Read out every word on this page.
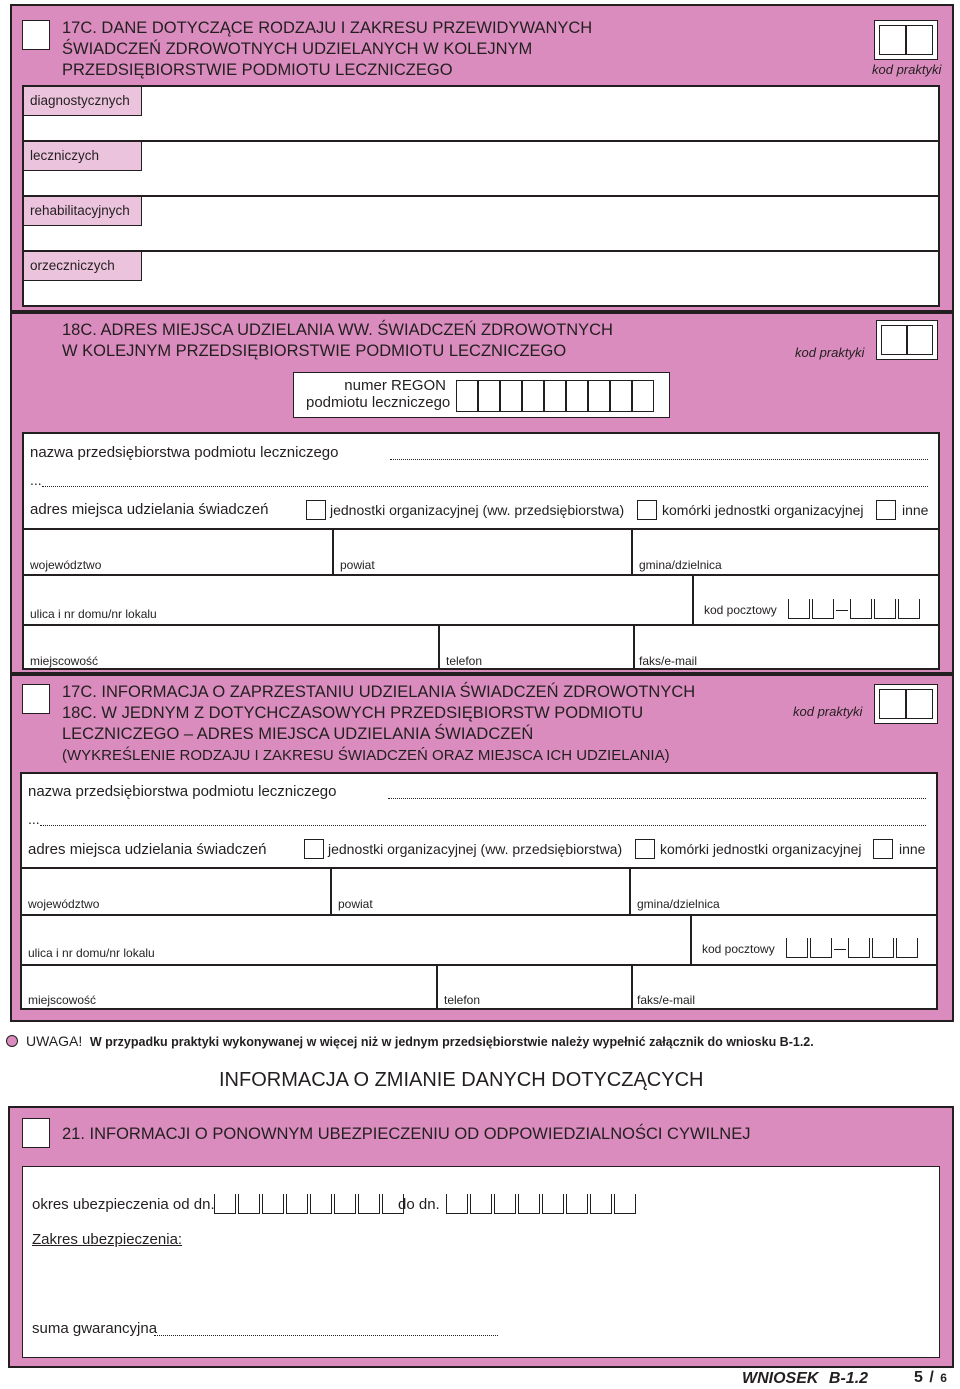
17C. DANE DOTYCZĄCE RODZAJU I ZAKRESU PRZEWIDYWANYCH
ŚWIADCZEŃ ZDROWOTNYCH UDZIELANYCH W KOLEJNYM
PRZEDSIĘBIORSTWIE PODMIOTU LECZNICZEGO	kod praktyki
diagnostycznych
leczniczych
rehabilitacyjnych
orzeczniczych
18C. ADRES MIEJSCA UDZIELANIA WW. ŚWIADCZEŃ ZDROWOTNYCH
W KOLEJNYM PRZEDSIĘBIORSTWIE PODMIOTU LECZNICZEGO	kod praktyki
numer REGON
podmiotu leczniczego
nazwa przedsiębiorstwa podmiotu leczniczego
...
adres miejsca udzielania świadczeń	jednostki organizacyjnej (ww. przedsiębiorstwa)	komórki jednostki organizacyjnej	inne
województwo	powiat	gmina/dzielnica
ulica i nr domu/nr lokalu	kod pocztowy
miejscowość	telefon	faks/e-mail
17C. INFORMACJA O ZAPRZESTANIU UDZIELANIA ŚWIADCZEŃ ZDROWOTNYCH
18C. W JEDNYM Z DOTYCHCZASOWYCH PRZEDSIĘBIORSTW PODMIOTU
LECZNICZEGO – ADRES MIEJSCA UDZIELANIA ŚWIADCZEŃ
(WYKREŚLENIE RODZAJU I ZAKRESU ŚWIADCZEŃ ORAZ MIEJSCA ICH UDZIELANIA)
kod praktyki
nazwa przedsiębiorstwa podmiotu leczniczego
...
adres miejsca udzielania świadczeń	jednostki organizacyjnej (ww. przedsiębiorstwa)	komórki jednostki organizacyjnej	inne
województwo	powiat	gmina/dzielnica
ulica i nr domu/nr lokalu	kod pocztowy
miejscowość	telefon	faks/e-mail
UWAGA! W przypadku praktyki wykonywanej w więcej niż w jednym przedsiębiorstwie należy wypełnić załącznik do wniosku B-1.2.
INFORMACJA O ZMIANIE DANYCH DOTYCZĄCYCH
21. INFORMACJI O PONOWNYM UBEZPIECZENIU OD ODPOWIEDZIALNOŚCI CYWILNEJ
okres ubezpieczenia od dn.	do dn.
Zakres ubezpieczenia:
suma gwarancyjna
WNIOSEK B-1.2	5 / 6
